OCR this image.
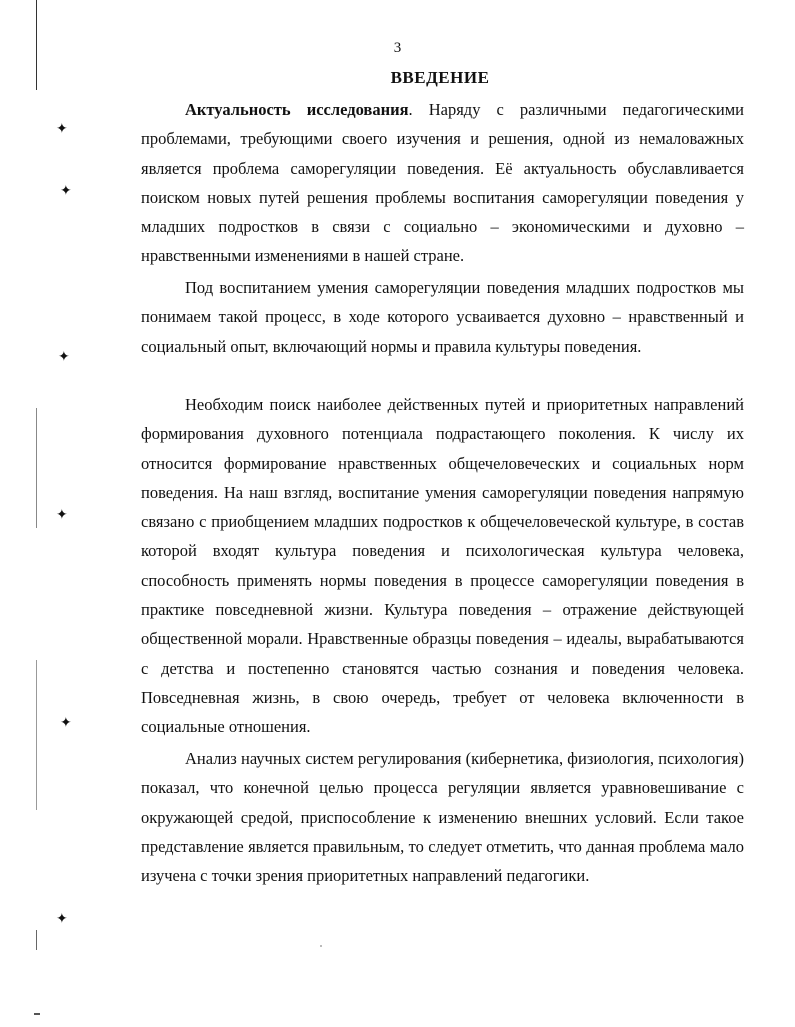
✦
✦
✦
✦
✦
✦
3
ВВЕДЕНИЕ

Актуальность исследования. Наряду с различными педагогическими проблемами, требующими своего изучения и решения, одной из немаловажных является проблема саморегуляции поведения. Её актуальность обуславливается поиском новых путей решения проблемы воспитания саморегуляции поведения у младших подростков в связи с социально – экономическими и духовно – нравственными изменениями в нашей стране.

Под воспитанием умения саморегуляции поведения младших подростков мы понимаем такой процесс, в ходе которого усваивается духовно – нравственный и социальный опыт, включающий нормы и правила культуры поведения.

Необходим поиск наиболее действенных путей и приоритетных направлений формирования духовного потенциала подрастающего поколения. К числу их относится формирование нравственных общечеловеческих и социальных норм поведения. На наш взгляд, воспитание умения саморегуляции поведения напрямую связано с приобщением младших подростков к общечеловеческой культуре, в состав которой входят культура поведения и психологическая культура человека, способность применять нормы поведения в процессе саморегуляции поведения в практике повседневной жизни. Культура поведения – отражение действующей общественной морали. Нравственные образцы поведения – идеалы, вырабатываются с детства и постепенно становятся частью сознания и поведения человека. Повседневная жизнь, в свою очередь, требует от человека включенности в социальные отношения.

Анализ научных систем регулирования (кибернетика, физиология, психология) показал, что конечной целью процесса регуляции является уравновешивание с окружающей средой, приспособление к изменению внешних условий. Если такое представление является правильным, то следует отметить, что данная проблема мало изучена с точки зрения приоритетных направлений педагогики.
